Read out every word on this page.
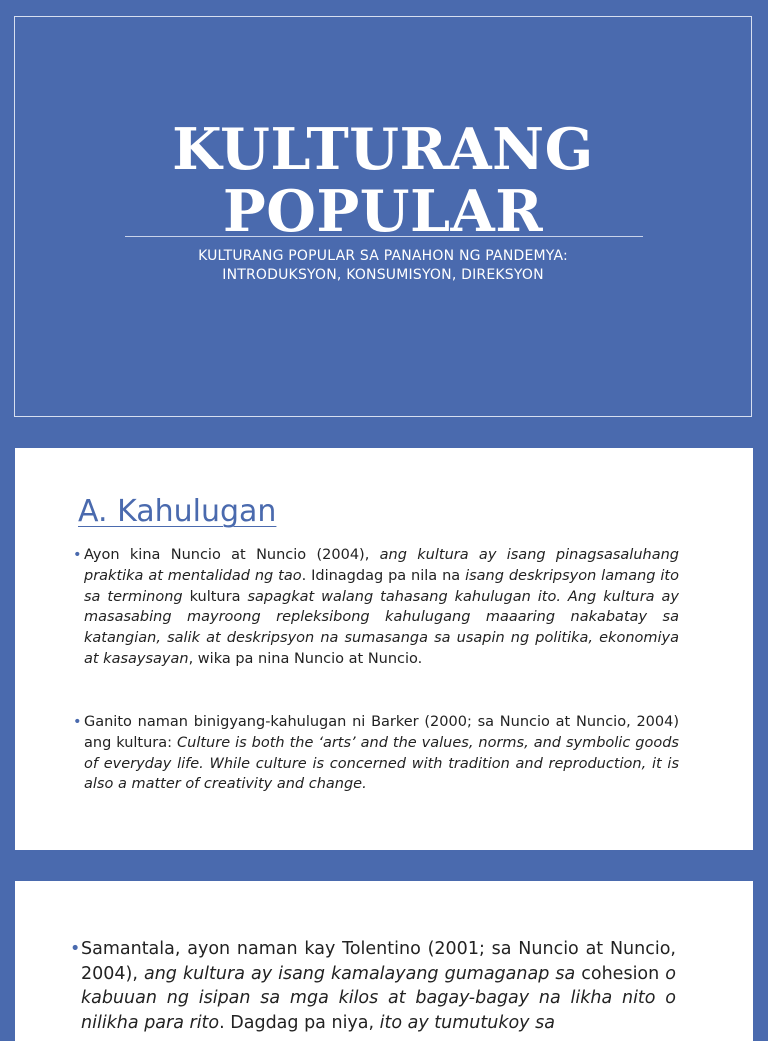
KULTURANG
POPULAR
KULTURANG POPULAR SA PANAHON NG PANDEMYA:
INTRODUKSYON, KONSUMISYON, DIREKSYON
A. Kahulugan
• Ayon kina Nuncio at Nuncio (2004), ang kultura ay isang pinagsasaluhang praktika at mentalidad ng tao. Idinagdag pa nila na isang deskripsyon lamang ito sa terminong kultura sapagkat walang tahasang kahulugan ito. Ang kultura ay masasabing mayroong repleksibong kahulugang maaaring nakabatay sa katangian, salik at deskripsyon na sumasanga sa usapin ng politika, ekonomiya at kasaysayan, wika pa nina Nuncio at Nuncio.

• Ganito naman binigyang-kahulugan ni Barker (2000; sa Nuncio at Nuncio, 2004) ang kultura: Culture is both the ‘arts’ and the values, norms, and symbolic goods of everyday life. While culture is concerned with tradition and reproduction, it is also a matter of creativity and change.

• Samantala, ayon naman kay Tolentino (2001; sa Nuncio at Nuncio, 2004), ang kultura ay isang kamalayang gumaganap sa cohesion o kabuuan ng isipan sa mga kilos at bagay-bagay na likha nito o nilikha para rito. Dagdag pa niya, ito ay tumutukoy sa
